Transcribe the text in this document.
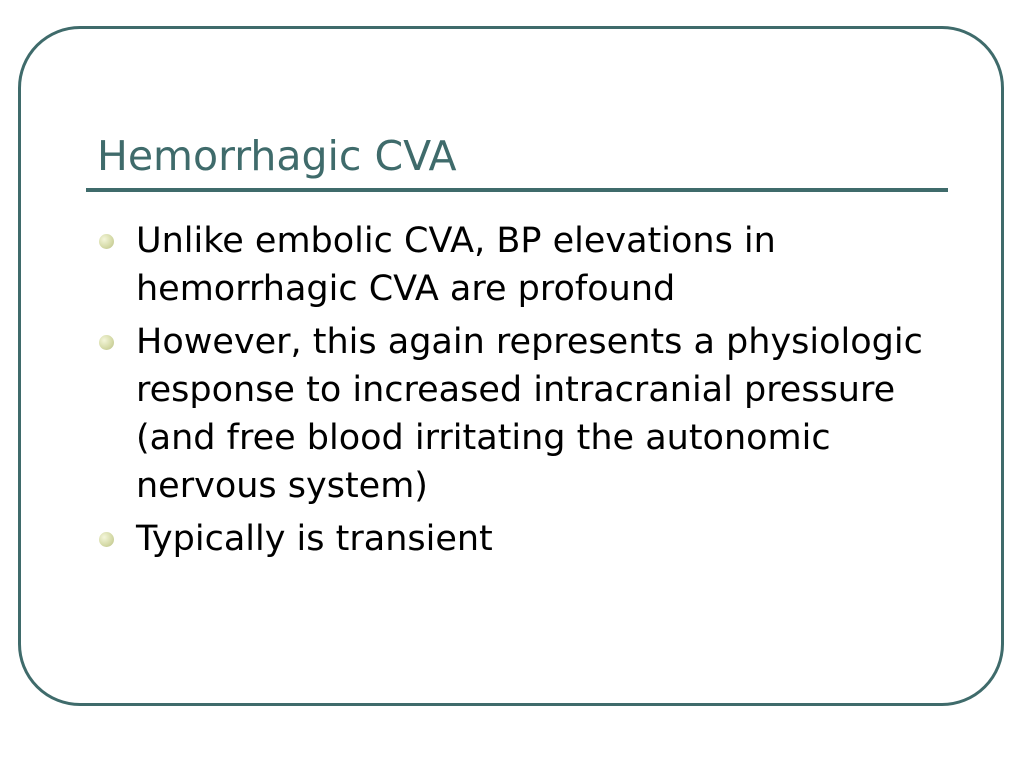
Hemorrhagic CVA
Unlike embolic CVA, BP elevations in hemorrhagic CVA are profound
However, this again represents a physiologic response to increased intracranial pressure (and free blood irritating the autonomic nervous system)
Typically is transient
